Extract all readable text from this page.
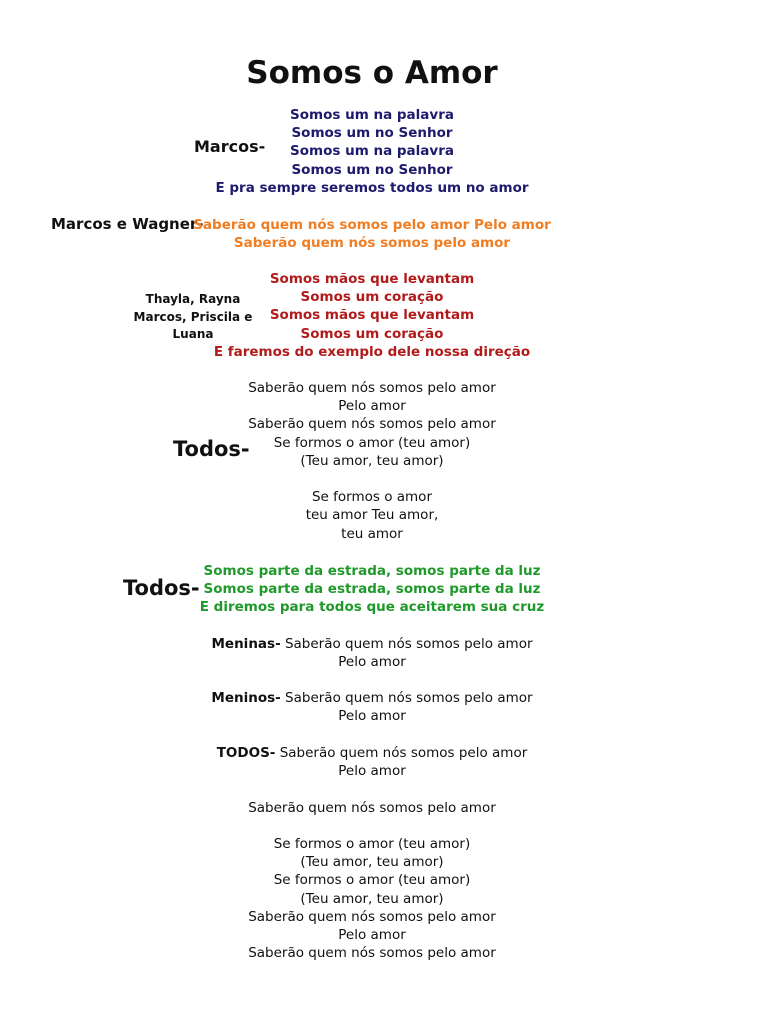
Somos o Amor
Marcos-
Marcos e Wagner-
Thayla, Rayna Marcos, Priscila e Luana
Todos-
Todos-
Somos um na palavra
Somos um no Senhor
Somos um na palavra
Somos um no Senhor
E pra sempre seremos todos um no amor
Saberão quem nós somos pelo amor Pelo amor
Saberão quem nós somos pelo amor
Somos mãos que levantam
Somos um coração
Somos mãos que levantam
Somos um coração
E faremos do exemplo dele nossa direção
Saberão quem nós somos pelo amor
Pelo amor
Saberão quem nós somos pelo amor
Se formos o amor (teu amor)
(Teu amor, teu amor)
Se formos o amor
teu amor Teu amor,
teu amor
Somos parte da estrada, somos parte da luz
Somos parte da estrada, somos parte da luz
E diremos para todos que aceitarem sua cruz
Meninas- Saberão quem nós somos pelo amor
Pelo amor
Meninos- Saberão quem nós somos pelo amor
Pelo amor
TODOS- Saberão quem nós somos pelo amor
Pelo amor
Saberão quem nós somos pelo amor
Se formos o amor (teu amor)
(Teu amor, teu amor)
Se formos o amor (teu amor)
(Teu amor, teu amor)
Saberão quem nós somos pelo amor
Pelo amor
Saberão quem nós somos pelo amor
